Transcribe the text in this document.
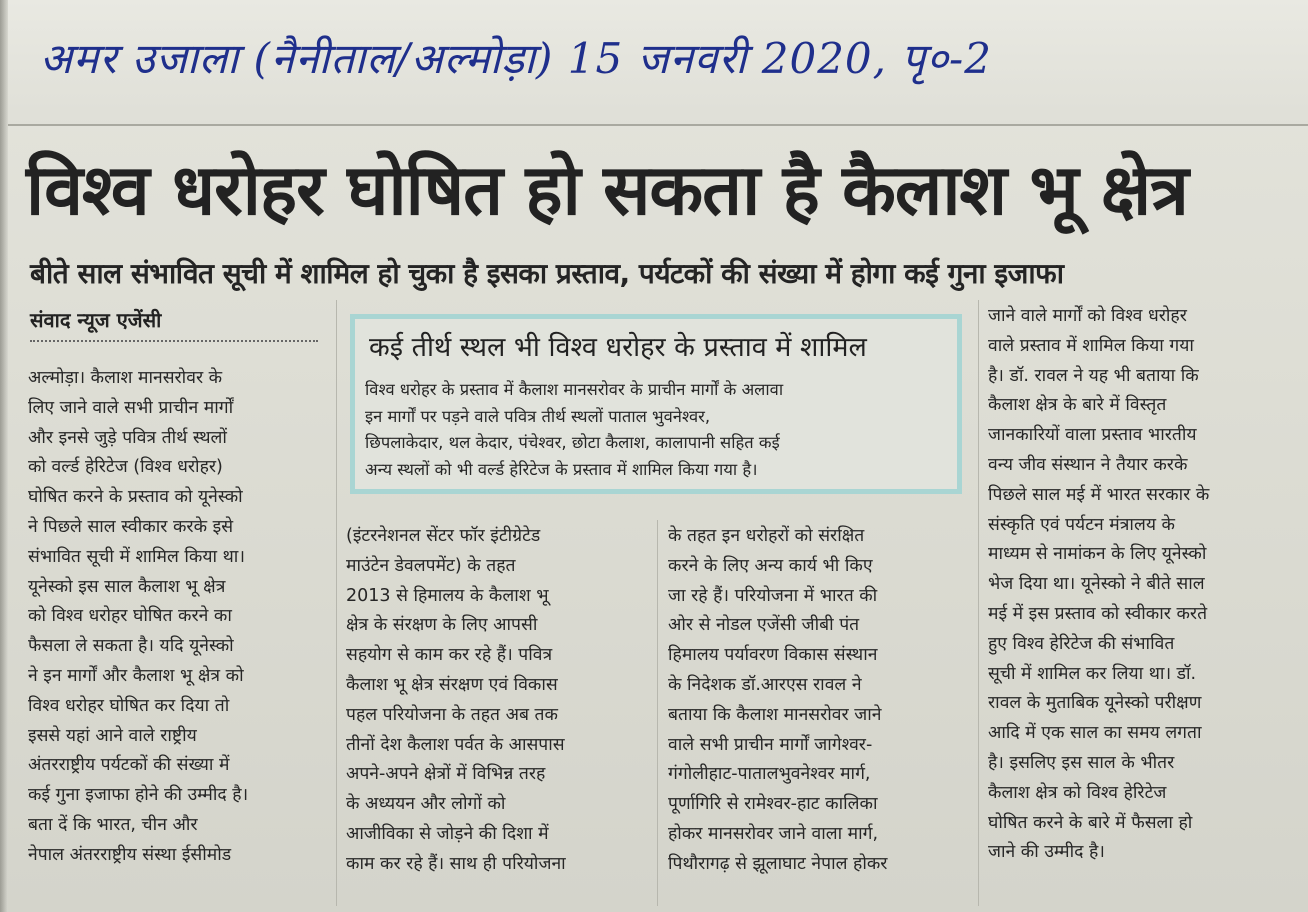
अमर उजाला (नैनीताल/अल्मोड़ा) 15 जनवरी 2020, पृ०-2
विश्व धरोहर घोषित हो सकता है कैलाश भू क्षेत्र
बीते साल संभावित सूची में शामिल हो चुका है इसका प्रस्ताव, पर्यटकों की संख्या में होगा कई गुना इजाफा
संवाद न्यूज एजेंसी
अल्मोड़ा। कैलाश मानसरोवर के
लिए जाने वाले सभी प्राचीन मार्गों
और इनसे जुड़े पवित्र तीर्थ स्थलों
को वर्ल्ड हेरिटेज (विश्व धरोहर)
घोषित करने के प्रस्ताव को यूनेस्को
ने पिछले साल स्वीकार करके इसे
संभावित सूची में शामिल किया था।
यूनेस्को इस साल कैलाश भू क्षेत्र
को विश्व धरोहर घोषित करने का
फैसला ले सकता है। यदि यूनेस्को
ने इन मार्गों और कैलाश भू क्षेत्र को
विश्व धरोहर घोषित कर दिया तो
इससे यहां आने वाले राष्ट्रीय
अंतरराष्ट्रीय पर्यटकों की संख्या में
कई गुना इजाफा होने की उम्मीद है।
बता दें कि भारत, चीन और
नेपाल अंतरराष्ट्रीय संस्था ईसीमोड
कई तीर्थ स्थल भी विश्व धरोहर के प्रस्ताव में शामिल
विश्व धरोहर के प्रस्ताव में कैलाश मानसरोवर के प्राचीन मार्गों के अलावा
इन मार्गों पर पड़ने वाले पवित्र तीर्थ स्थलों पाताल भुवनेश्वर,
छिपलाकेदार, थल केदार, पंचेश्वर, छोटा कैलाश, कालापानी सहित कई
अन्य स्थलों को भी वर्ल्ड हेरिटेज के प्रस्ताव में शामिल किया गया है।
(इंटरनेशनल सेंटर फॉर इंटीग्रेटेड
माउंटेन डेवलपमेंट) के तहत
2013 से हिमालय के कैलाश भू
क्षेत्र के संरक्षण के लिए आपसी
सहयोग से काम कर रहे हैं। पवित्र
कैलाश भू क्षेत्र संरक्षण एवं विकास
पहल परियोजना के तहत अब तक
तीनों देश कैलाश पर्वत के आसपास
अपने-अपने क्षेत्रों में विभिन्न तरह
के अध्ययन और लोगों को
आजीविका से जोड़ने की दिशा में
काम कर रहे हैं। साथ ही परियोजना
के तहत इन धरोहरों को संरक्षित
करने के लिए अन्य कार्य भी किए
जा रहे हैं। परियोजना में भारत की
ओर से नोडल एजेंसी जीबी पंत
हिमालय पर्यावरण विकास संस्थान
के निदेशक डॉ.आरएस रावल ने
बताया कि कैलाश मानसरोवर जाने
वाले सभी प्राचीन मार्गों जागेश्वर-
गंगोलीहाट-पातालभुवनेश्वर मार्ग,
पूर्णागिरि से रामेश्वर-हाट कालिका
होकर मानसरोवर जाने वाला मार्ग,
पिथौरागढ़ से झूलाघाट नेपाल होकर
जाने वाले मार्गों को विश्व धरोहर
वाले प्रस्ताव में शामिल किया गया
है। डॉ. रावल ने यह भी बताया कि
कैलाश क्षेत्र के बारे में विस्तृत
जानकारियों वाला प्रस्ताव भारतीय
वन्य जीव संस्थान ने तैयार करके
पिछले साल मई में भारत सरकार के
संस्कृति एवं पर्यटन मंत्रालय के
माध्यम से नामांकन के लिए यूनेस्को
भेज दिया था। यूनेस्को ने बीते साल
मई में इस प्रस्ताव को स्वीकार करते
हुए विश्व हेरिटेज की संभावित
सूची में शामिल कर लिया था। डॉ.
रावल के मुताबिक यूनेस्को परीक्षण
आदि में एक साल का समय लगता
है। इसलिए इस साल के भीतर
कैलाश क्षेत्र को विश्व हेरिटेज
घोषित करने के बारे में फैसला हो
जाने की उम्मीद है।
